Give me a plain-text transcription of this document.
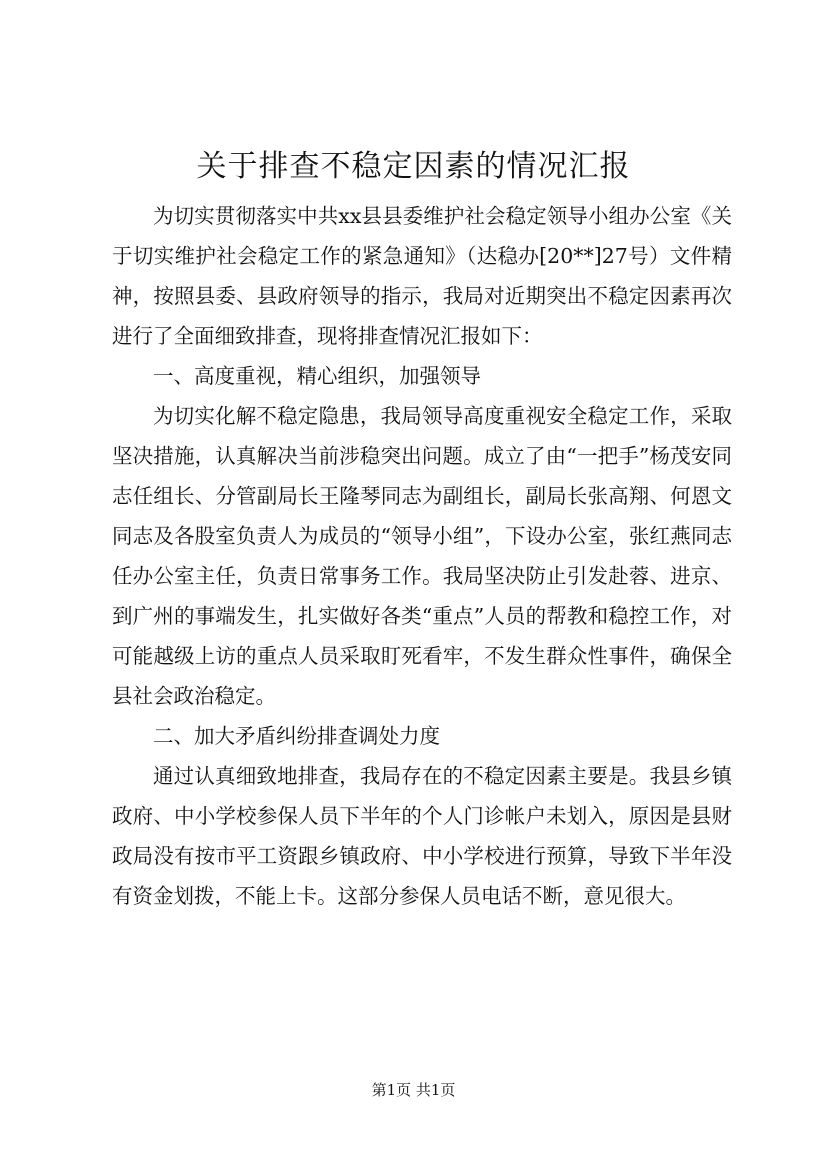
关于排查不稳定因素的情况汇报

为切实贯彻落实中共xx县县委维护社会稳定领导小组办公室《关于切实维护社会稳定工作的紧急通知》（达稳办[20**]27号）文件精神，按照县委、县政府领导的指示，我局对近期突出不稳定因素再次进行了全面细致排查，现将排查情况汇报如下：

一、高度重视，精心组织，加强领导

为切实化解不稳定隐患，我局领导高度重视安全稳定工作，采取坚决措施，认真解决当前涉稳突出问题。成立了由“一把手”杨茂安同志任组长、分管副局长王隆琴同志为副组长，副局长张高翔、何恩文同志及各股室负责人为成员的“领导小组”，下设办公室，张红燕同志任办公室主任，负责日常事务工作。我局坚决防止引发赴蓉、进京、到广州的事端发生，扎实做好各类“重点”人员的帮教和稳控工作，对可能越级上访的重点人员采取盯死看牢，不发生群众性事件，确保全县社会政治稳定。

二、加大矛盾纠纷排查调处力度

通过认真细致地排查，我局存在的不稳定因素主要是。我县乡镇政府、中小学校参保人员下半年的个人门诊帐户未划入，原因是县财政局没有按市平工资跟乡镇政府、中小学校进行预算，导致下半年没有资金划拨，不能上卡。这部分参保人员电话不断，意见很大。

第1页 共1页
